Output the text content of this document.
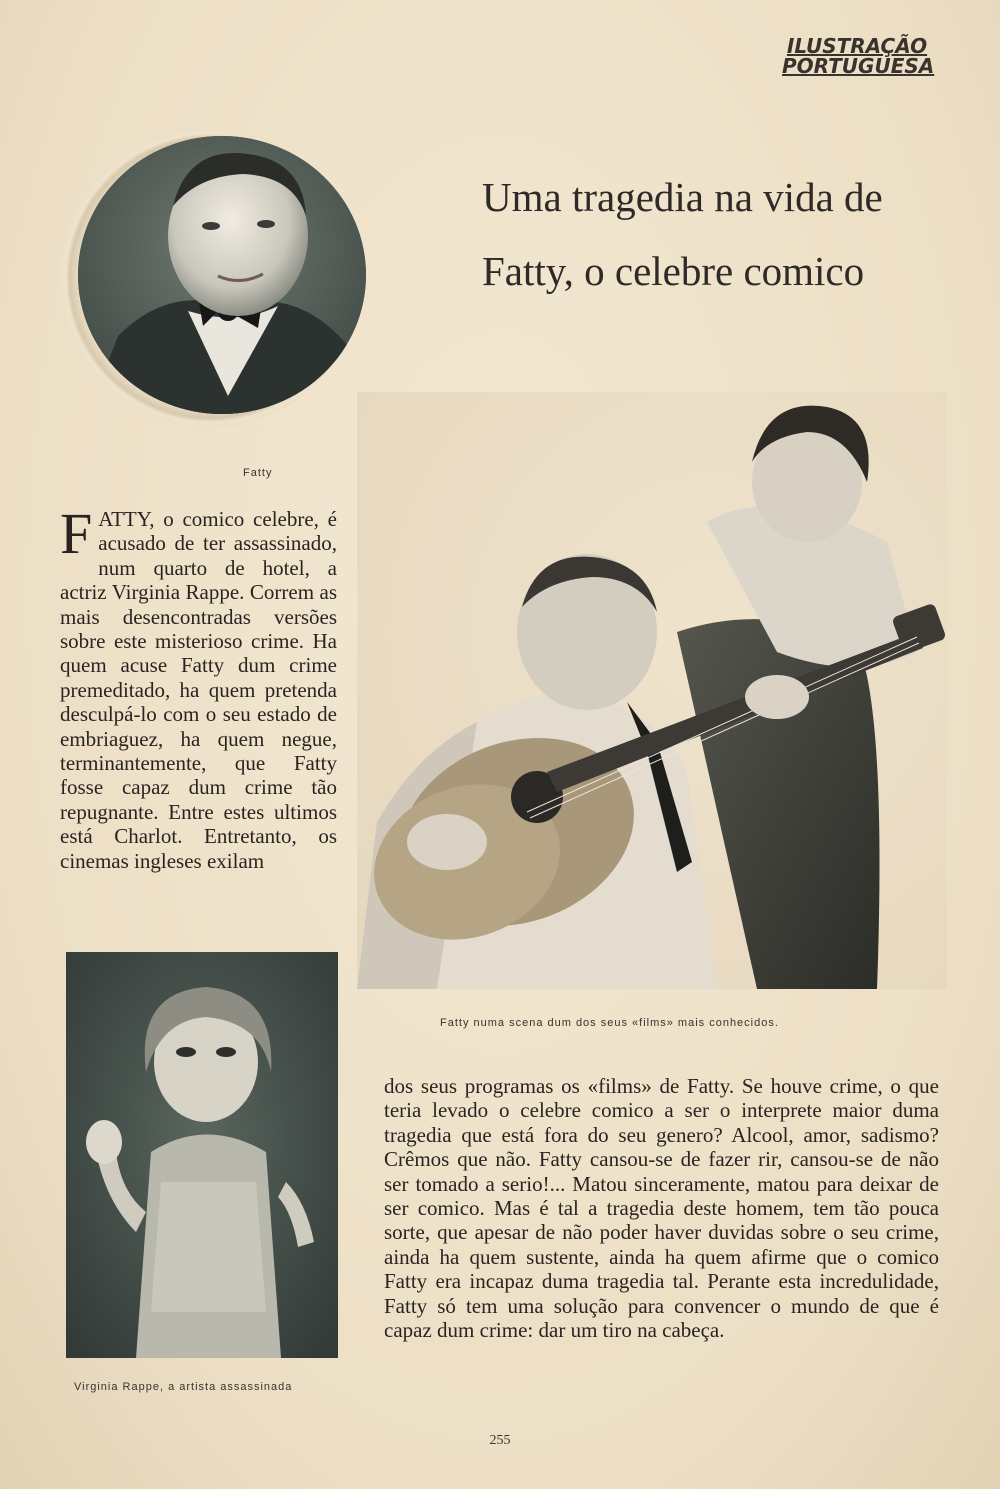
ILUSTRAÇÃO
PORTUGUESA
Fatty
Uma tragedia na vida de
Fatty, o celebre comico
F ATTY, o comico celebre, é acusado de ter assassinado, num quarto de hotel, a actriz Virginia Rappe. Correm as mais desencontradas versões sobre este misterioso crime. Ha quem acuse Fatty dum crime premeditado, ha quem pretenda desculpá-lo com o seu estado de embriaguez, ha quem negue, terminantemente, que Fatty fosse capaz dum crime tão repugnante. Entre estes ultimos está Charlot. Entretanto, os cinemas ingleses exilam
Fatty numa scena dum dos seus «films» mais conhecidos.
Virginia Rappe, a artista assassinada
dos seus programas os «films» de Fatty. Se houve crime, o que teria levado o celebre comico a ser o interprete maior duma tragedia que está fora do seu genero? Alcool, amor, sadismo? Crêmos que não. Fatty cansou-se de fazer rir, cansou-se de não ser tomado a serio!... Matou sinceramente, matou para deixar de ser comico. Mas é tal a tragedia deste homem, tem tão pouca sorte, que apesar de não poder haver duvidas sobre o seu crime, ainda ha quem sustente, ainda ha quem afirme que o comico Fatty era incapaz duma tragedia tal. Perante esta incredulidade, Fatty só tem uma solução para convencer o mundo de que é capaz dum crime: dar um tiro na cabeça.
255
